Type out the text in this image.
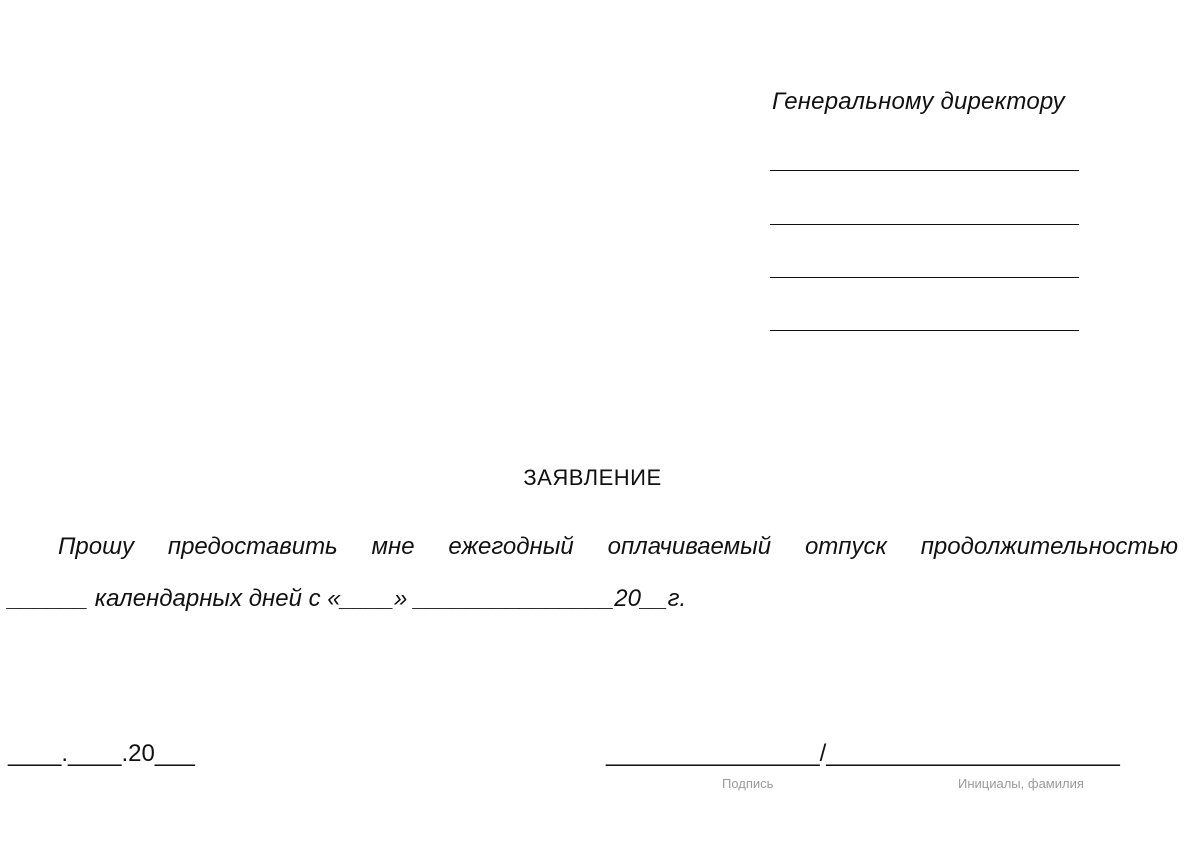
Генеральному директору
ЗАЯВЛЕНИЕ
Прошу предоставить мне ежегодный оплачиваемый отпуск продолжительностью
______ календарных дней с «____» _______________20__г.
____.____.20___	________________/______________________
Подпись	Инициалы, фамилия
